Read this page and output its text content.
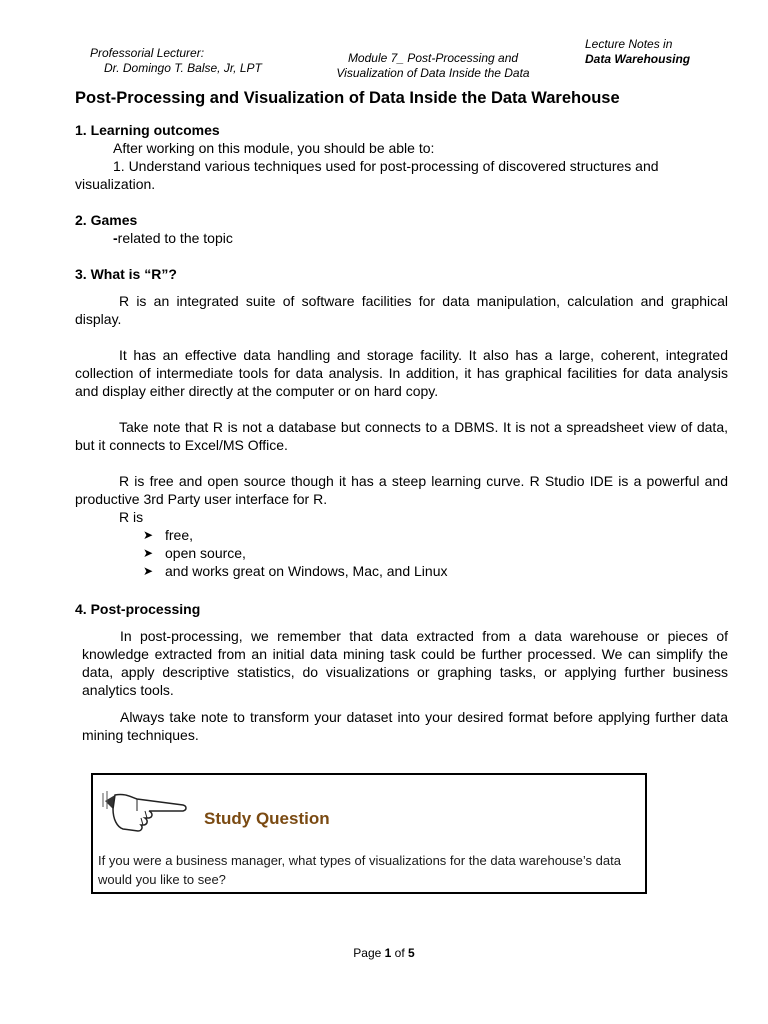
Professorial Lecturer:
Dr. Domingo T. Balse, Jr, LPT
Module 7_ Post-Processing and
Visualization of Data Inside the Data
Lecture Notes in
Data Warehousing
Post-Processing and Visualization of Data Inside the Data Warehouse
1. Learning outcomes
After working on this module, you should be able to:
1. Understand various techniques used for post-processing of discovered structures and visualization.
2. Games
-related to the topic
3. What is “R”?
R is an integrated suite of software facilities for data manipulation, calculation and graphical display.
It has an effective data handling and storage facility. It also has a large, coherent, integrated collection of intermediate tools for data analysis. In addition, it has graphical facilities for data analysis and display either directly at the computer or on hard copy.
Take note that R is not a database but connects to a DBMS. It is not a spreadsheet view of data, but it connects to Excel/MS Office.
R is free and open source though it has a steep learning curve. R Studio IDE is a powerful and productive 3rd Party user interface for R.
R is
➤ free,
➤ open source,
➤ and works great on Windows, Mac, and Linux
4. Post-processing
In post-processing, we remember that data extracted from a data warehouse or pieces of knowledge extracted from an initial data mining task could be further processed. We can simplify the data, apply descriptive statistics, do visualizations or graphing tasks, or applying further business analytics tools.
Always take note to transform your dataset into your desired format before applying further data mining techniques.
Study Question
If you were a business manager, what types of visualizations for the data warehouse’s data would you like to see?
Page 1 of 5
